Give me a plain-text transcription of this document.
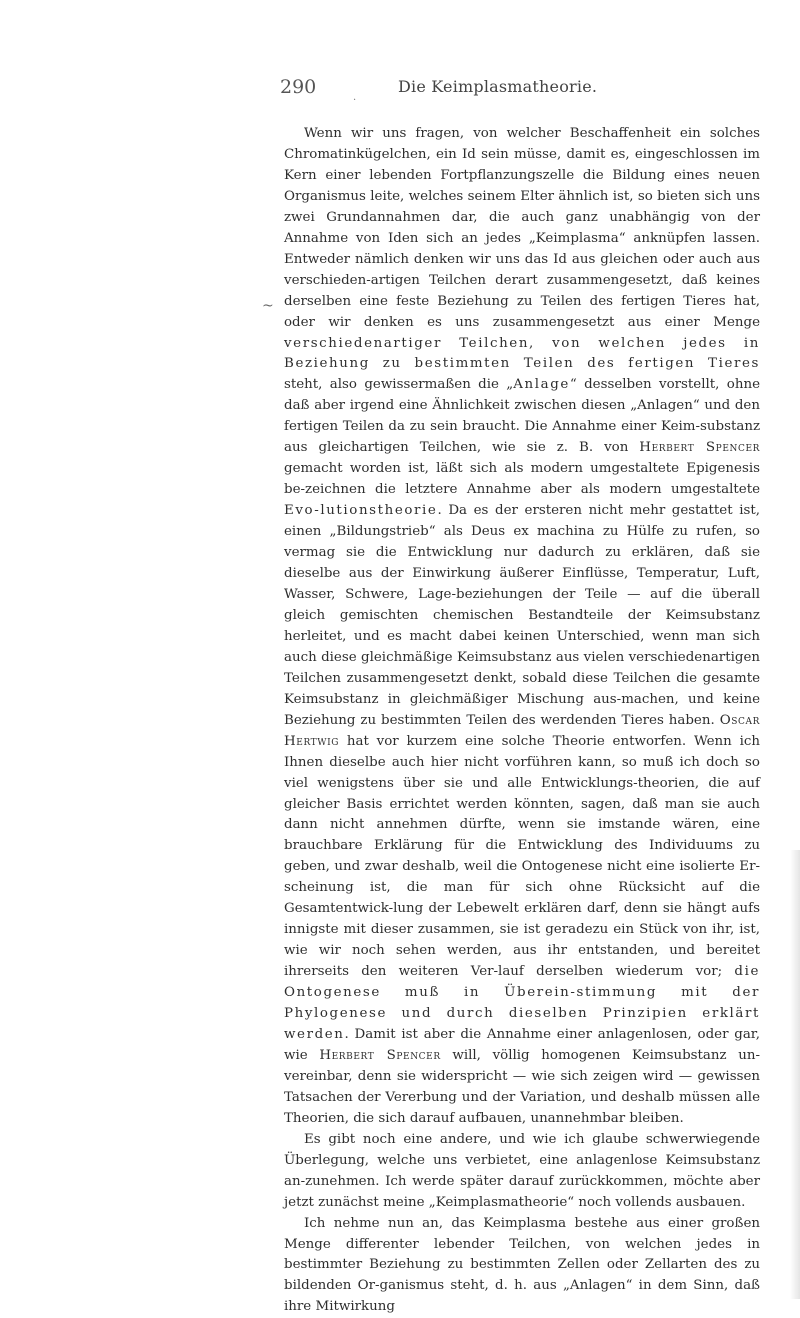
290	.
Die Keimplasmatheorie.
~

Wenn wir uns fragen, von welcher Beschaffenheit ein solches Chromatinkügelchen, ein Id sein müsse, damit es, eingeschlossen im Kern einer lebenden Fortpflanzungszelle die Bildung eines neuen Organismus leite, welches seinem Elter ähnlich ist, so bieten sich uns zwei Grundannahmen dar, die auch ganz unabhängig von der Annahme von Iden sich an jedes „Keimplasma“ anknüpfen lassen. Entweder nämlich denken wir uns das Id aus gleichen oder auch aus verschieden-artigen Teilchen derart zusammengesetzt, daß keines derselben eine feste Beziehung zu Teilen des fertigen Tieres hat, oder wir denken es uns zusammengesetzt aus einer Menge verschiedenartiger Teilchen, von welchen jedes in Beziehung zu bestimmten Teilen des fertigen Tieres steht, also gewissermaßen die „Anlage“ desselben vorstellt, ohne daß aber irgend eine Ähnlichkeit zwischen diesen „Anlagen“ und den fertigen Teilen da zu sein braucht. Die Annahme einer Keim-substanz aus gleichartigen Teilchen, wie sie z. B. von Herbert Spencer gemacht worden ist, läßt sich als modern umgestaltete Epigenesis be-zeichnen die letztere Annahme aber als modern umgestaltete Evo-lutionstheorie. Da es der ersteren nicht mehr gestattet ist, einen „Bildungstrieb“ als Deus ex machina zu Hülfe zu rufen, so vermag sie die Entwicklung nur dadurch zu erklären, daß sie dieselbe aus der Einwirkung äußerer Einflüsse, Temperatur, Luft, Wasser, Schwere, Lage-beziehungen der Teile — auf die überall gleich gemischten chemischen Bestandteile der Keimsubstanz herleitet, und es macht dabei keinen Unterschied, wenn man sich auch diese gleichmäßige Keimsubstanz aus vielen verschiedenartigen Teilchen zusammengesetzt denkt, sobald diese Teilchen die gesamte Keimsubstanz in gleichmäßiger Mischung aus-machen, und keine Beziehung zu bestimmten Teilen des werdenden Tieres haben. Oscar Hertwig hat vor kurzem eine solche Theorie entworfen. Wenn ich Ihnen dieselbe auch hier nicht vorführen kann, so muß ich doch so viel wenigstens über sie und alle Entwicklungs-theorien, die auf gleicher Basis errichtet werden könnten, sagen, daß man sie auch dann nicht annehmen dürfte, wenn sie imstande wären, eine brauchbare Erklärung für die Entwicklung des Individuums zu geben, und zwar deshalb, weil die Ontogenese nicht eine isolierte Er-scheinung ist, die man für sich ohne Rücksicht auf die Gesamtentwick-lung der Lebewelt erklären darf, denn sie hängt aufs innigste mit dieser zusammen, sie ist geradezu ein Stück von ihr, ist, wie wir noch sehen werden, aus ihr entstanden, und bereitet ihrerseits den weiteren Ver-lauf derselben wiederum vor; die Ontogenese muß in Überein-stimmung mit der Phylogenese und durch dieselben Prinzipien erklärt werden. Damit ist aber die Annahme einer anlagenlosen, oder gar, wie Herbert Spencer will, völlig homogenen Keimsubstanz un-vereinbar, denn sie widerspricht — wie sich zeigen wird — gewissen Tatsachen der Vererbung und der Variation, und deshalb müssen alle Theorien, die sich darauf aufbauen, unannehmbar bleiben.

Es gibt noch eine andere, und wie ich glaube schwerwiegende Überlegung, welche uns verbietet, eine anlagenlose Keimsubstanz an-zunehmen. Ich werde später darauf zurückkommen, möchte aber jetzt zunächst meine „Keimplasmatheorie“ noch vollends ausbauen.

Ich nehme nun an, das Keimplasma bestehe aus einer großen Menge differenter lebender Teilchen, von welchen jedes in bestimmter Beziehung zu bestimmten Zellen oder Zellarten des zu bildenden Or-ganismus steht, d. h. aus „Anlagen“ in dem Sinn, daß ihre Mitwirkung
